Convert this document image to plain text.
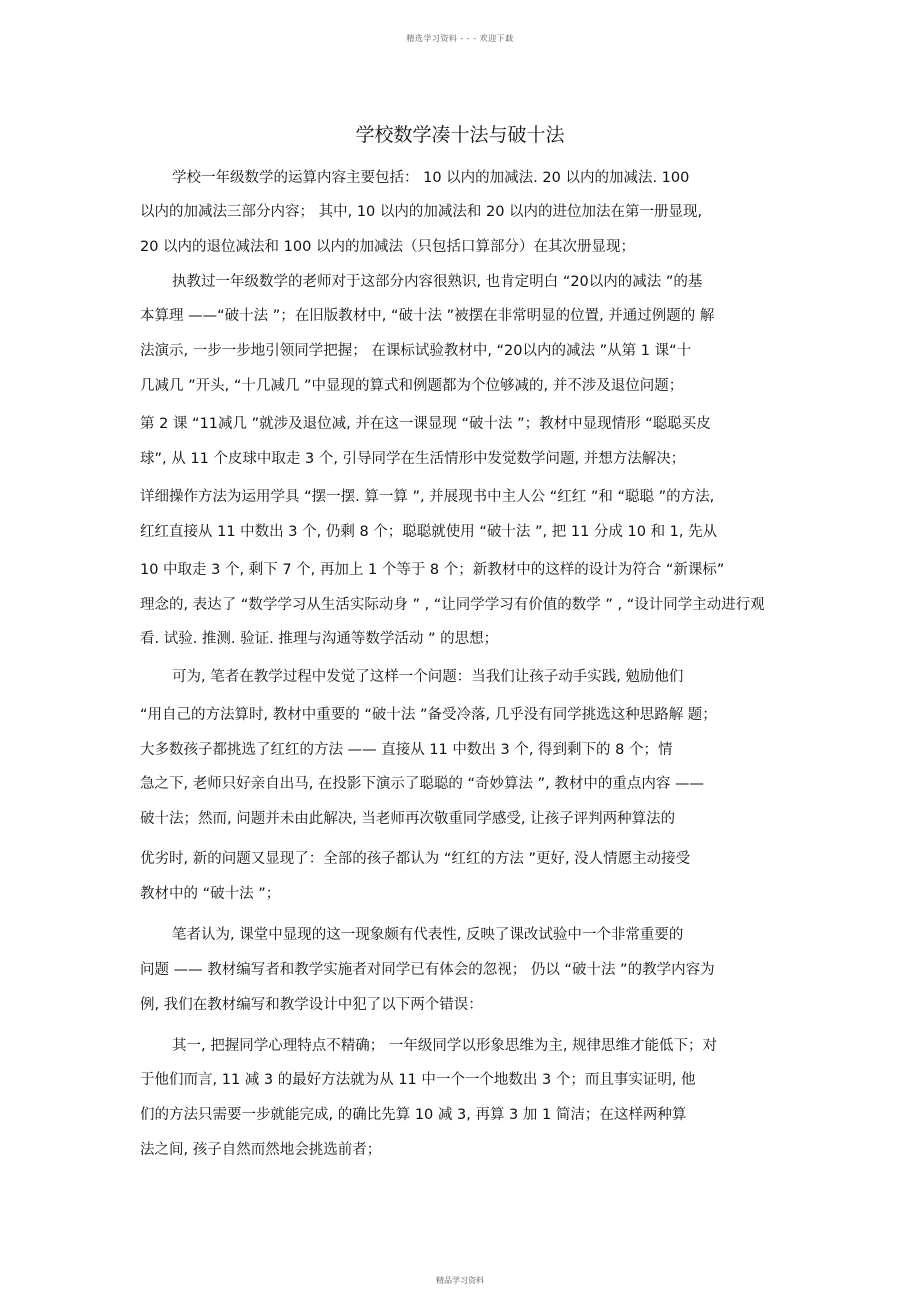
精选学习资料 - - - 欢迎下载
学校数学凑十法与破十法
学校一年级数学的运算内容主要包括： 10 以内的加减法. 20 以内的加减法. 100
以内的加减法三部分内容； 其中, 10 以内的加减法和 20 以内的进位加法在第一册显现,
20 以内的退位减法和 100 以内的加减法（只包括口算部分）在其次册显现；
执教过一年级数学的老师对于这部分内容很熟识, 也肯定明白 “20以内的减法 ”的基
本算理 ——“破十法 ”；在旧版教材中, “破十法 ”被摆在非常明显的位置, 并通过例题的 解
法演示, 一步一步地引领同学把握； 在课标试验教材中, “20以内的减法 ”从第 1 课“十
几减几 ”开头, “十几减几 ”中显现的算式和例题都为个位够减的, 并不涉及退位问题；
第 2 课 “11减几 ”就涉及退位减, 并在这一课显现 “破十法 ”；教材中显现情形 “聪聪买皮
球”, 从 11 个皮球中取走 3 个, 引导同学在生活情形中发觉数学问题, 并想方法解决；
详细操作方法为运用学具 “摆一摆. 算一算 ”, 并展现书中主人公 “红红 ”和 “聪聪 ”的方法,
红红直接从 11 中数出 3 个, 仍剩 8 个；聪聪就使用 “破十法 ”, 把 11 分成 10 和 1, 先从
10 中取走 3 个, 剩下 7 个, 再加上 1 个等于 8 个；新教材中的这样的设计为符合 “新课标”
理念的, 表达了 “数学学习从生活实际动身 ” , “让同学学习有价值的数学 ” , “设计同学主动进行观
看. 试验. 推测. 验证. 推理与沟通等数学活动 ” 的思想；
可为, 笔者在教学过程中发觉了这样一个问题：当我们让孩子动手实践, 勉励他们
“用自己的方法算时, 教材中重要的 “破十法 ”备受冷落, 几乎没有同学挑选这种思路解 题；
大多数孩子都挑选了红红的方法 —— 直接从 11 中数出 3 个, 得到剩下的 8 个；情
急之下, 老师只好亲自出马, 在投影下演示了聪聪的 “奇妙算法 ”, 教材中的重点内容 ——
破十法；然而, 问题并未由此解决, 当老师再次敬重同学感受, 让孩子评判两种算法的
优劣时, 新的问题又显现了：全部的孩子都认为 “红红的方法 ”更好, 没人情愿主动接受
教材中的 “破十法 ”；
笔者认为, 课堂中显现的这一现象颇有代表性, 反映了课改试验中一个非常重要的
问题 —— 教材编写者和教学实施者对同学已有体会的忽视； 仍以 “破十法 ”的教学内容为
例, 我们在教材编写和教学设计中犯了以下两个错误：
其一, 把握同学心理特点不精确； 一年级同学以形象思维为主, 规律思维才能低下；对
于他们而言, 11 减 3 的最好方法就为从 11 中一个一个地数出 3 个；而且事实证明, 他
们的方法只需要一步就能完成, 的确比先算 10 减 3, 再算 3 加 1 简洁；在这样两种算
法之间, 孩子自然而然地会挑选前者；
精品学习资料
